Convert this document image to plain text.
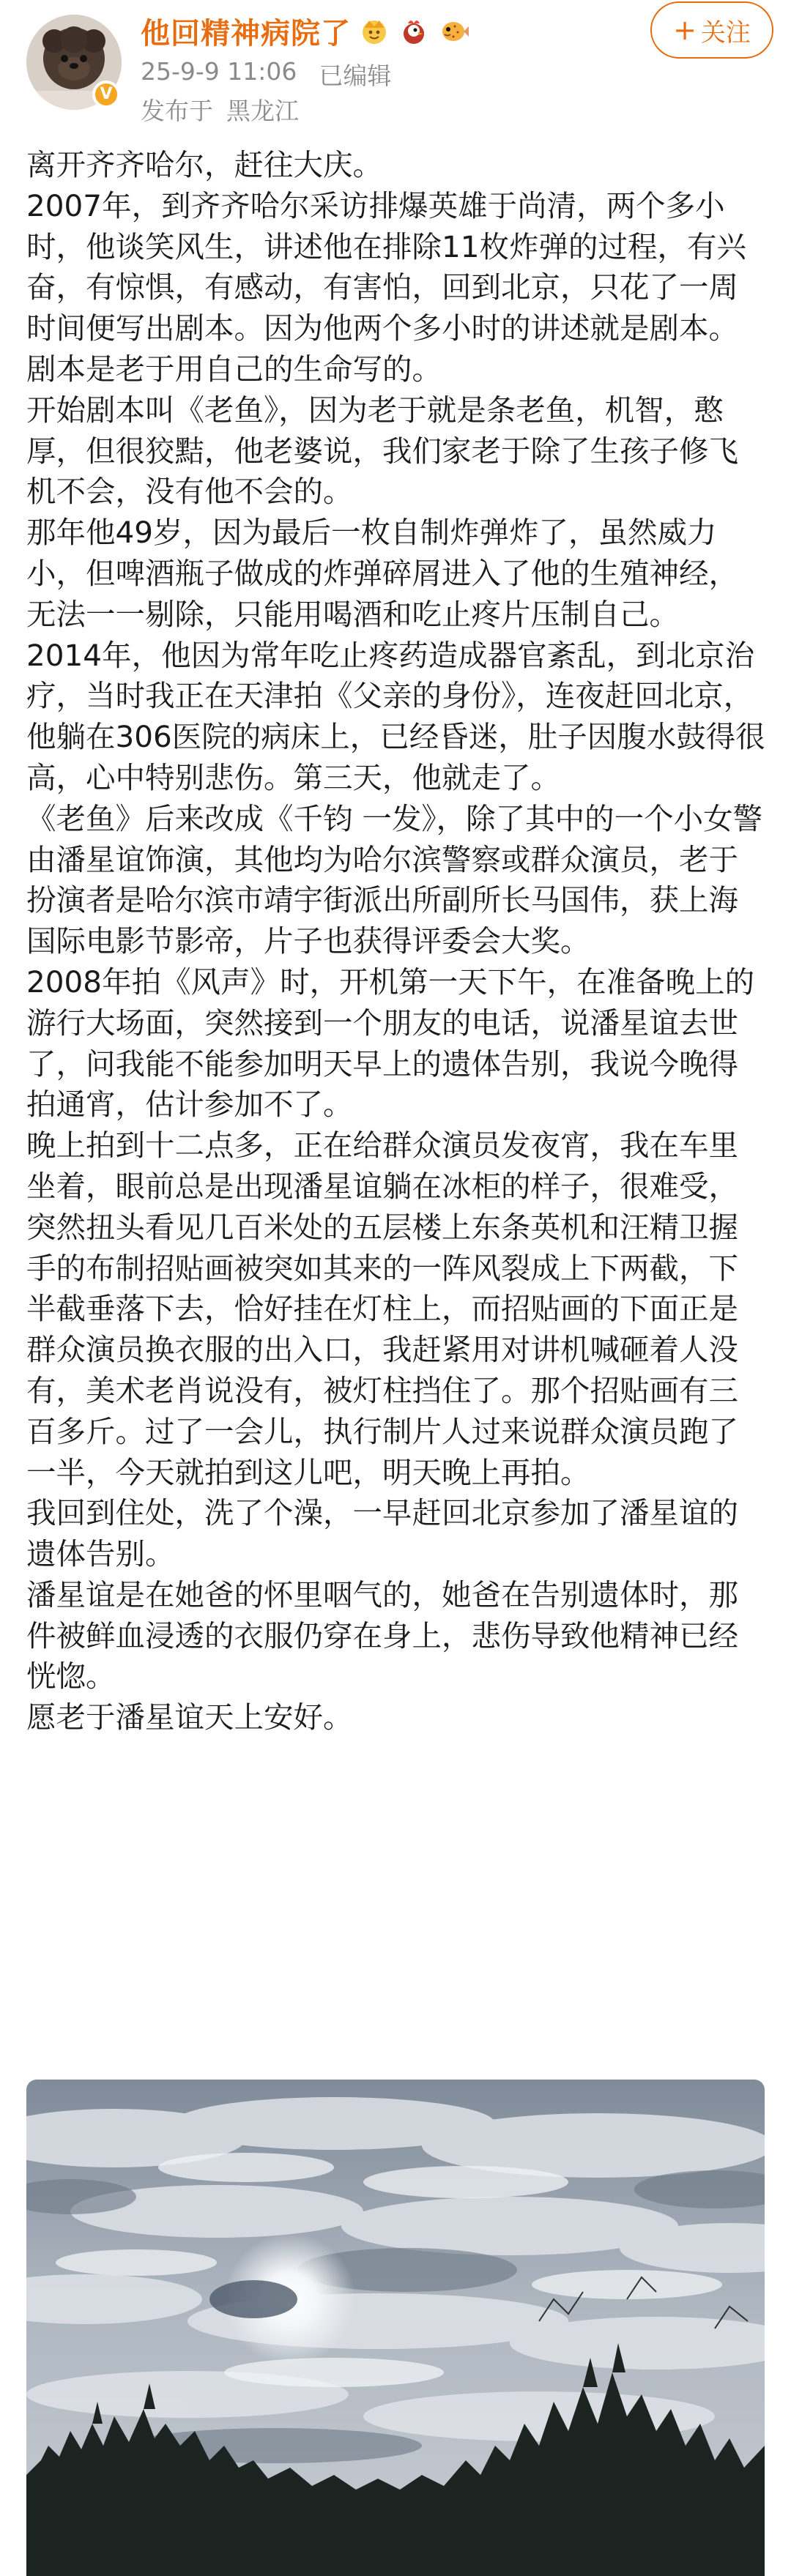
V
他回精神病院了
25-9-9 11:06 已编辑
发布于 黑龙江
+ 关注

离开齐齐哈尔，赶往大庆。

2007年，到齐齐哈尔采访排爆英雄于尚清，两个多小时，他谈笑风生，讲述他在排除11枚炸弹的过程，有兴奋，有惊惧，有感动，有害怕，回到北京，只花了一周时间便写出剧本。因为他两个多小时的讲述就是剧本。剧本是老于用自己的生命写的。

开始剧本叫《老鱼》，因为老于就是条老鱼，机智，憨厚，但很狡黠，他老婆说，我们家老于除了生孩子修飞机不会，没有他不会的。

那年他49岁，因为最后一枚自制炸弹炸了，虽然威力小，但啤酒瓶子做成的炸弹碎屑进入了他的生殖神经，无法一一剔除，只能用喝酒和吃止疼片压制自己。

2014年，他因为常年吃止疼药造成器官紊乱，到北京治疗，当时我正在天津拍《父亲的身份》，连夜赶回北京，他躺在306医院的病床上，已经昏迷，肚子因腹水鼓得很高，心中特别悲伤。第三天，他就走了。

《老鱼》后来改成《千钧 一发》，除了其中的一个小女警由潘星谊饰演，其他均为哈尔滨警察或群众演员，老于扮演者是哈尔滨市靖宇街派出所副所长马国伟，获上海国际电影节影帝，片子也获得评委会大奖。

2008年拍《风声》时，开机第一天下午，在准备晚上的游行大场面，突然接到一个朋友的电话，说潘星谊去世了，问我能不能参加明天早上的遗体告别，我说今晚得拍通宵，估计参加不了。

晚上拍到十二点多，正在给群众演员发夜宵，我在车里坐着，眼前总是出现潘星谊躺在冰柜的样子，很难受，突然扭头看见几百米处的五层楼上东条英机和汪精卫握手的布制招贴画被突如其来的一阵风裂成上下两截，下半截垂落下去，恰好挂在灯柱上，而招贴画的下面正是群众演员换衣服的出入口，我赶紧用对讲机喊砸着人没有，美术老肖说没有，被灯柱挡住了。那个招贴画有三百多斤。过了一会儿，执行制片人过来说群众演员跑了一半，今天就拍到这儿吧，明天晚上再拍。

我回到住处，洗了个澡，一早赶回北京参加了潘星谊的遗体告别。

潘星谊是在她爸的怀里咽气的，她爸在告别遗体时，那件被鲜血浸透的衣服仍穿在身上，悲伤导致他精神已经恍惚。

愿老于潘星谊天上安好。
